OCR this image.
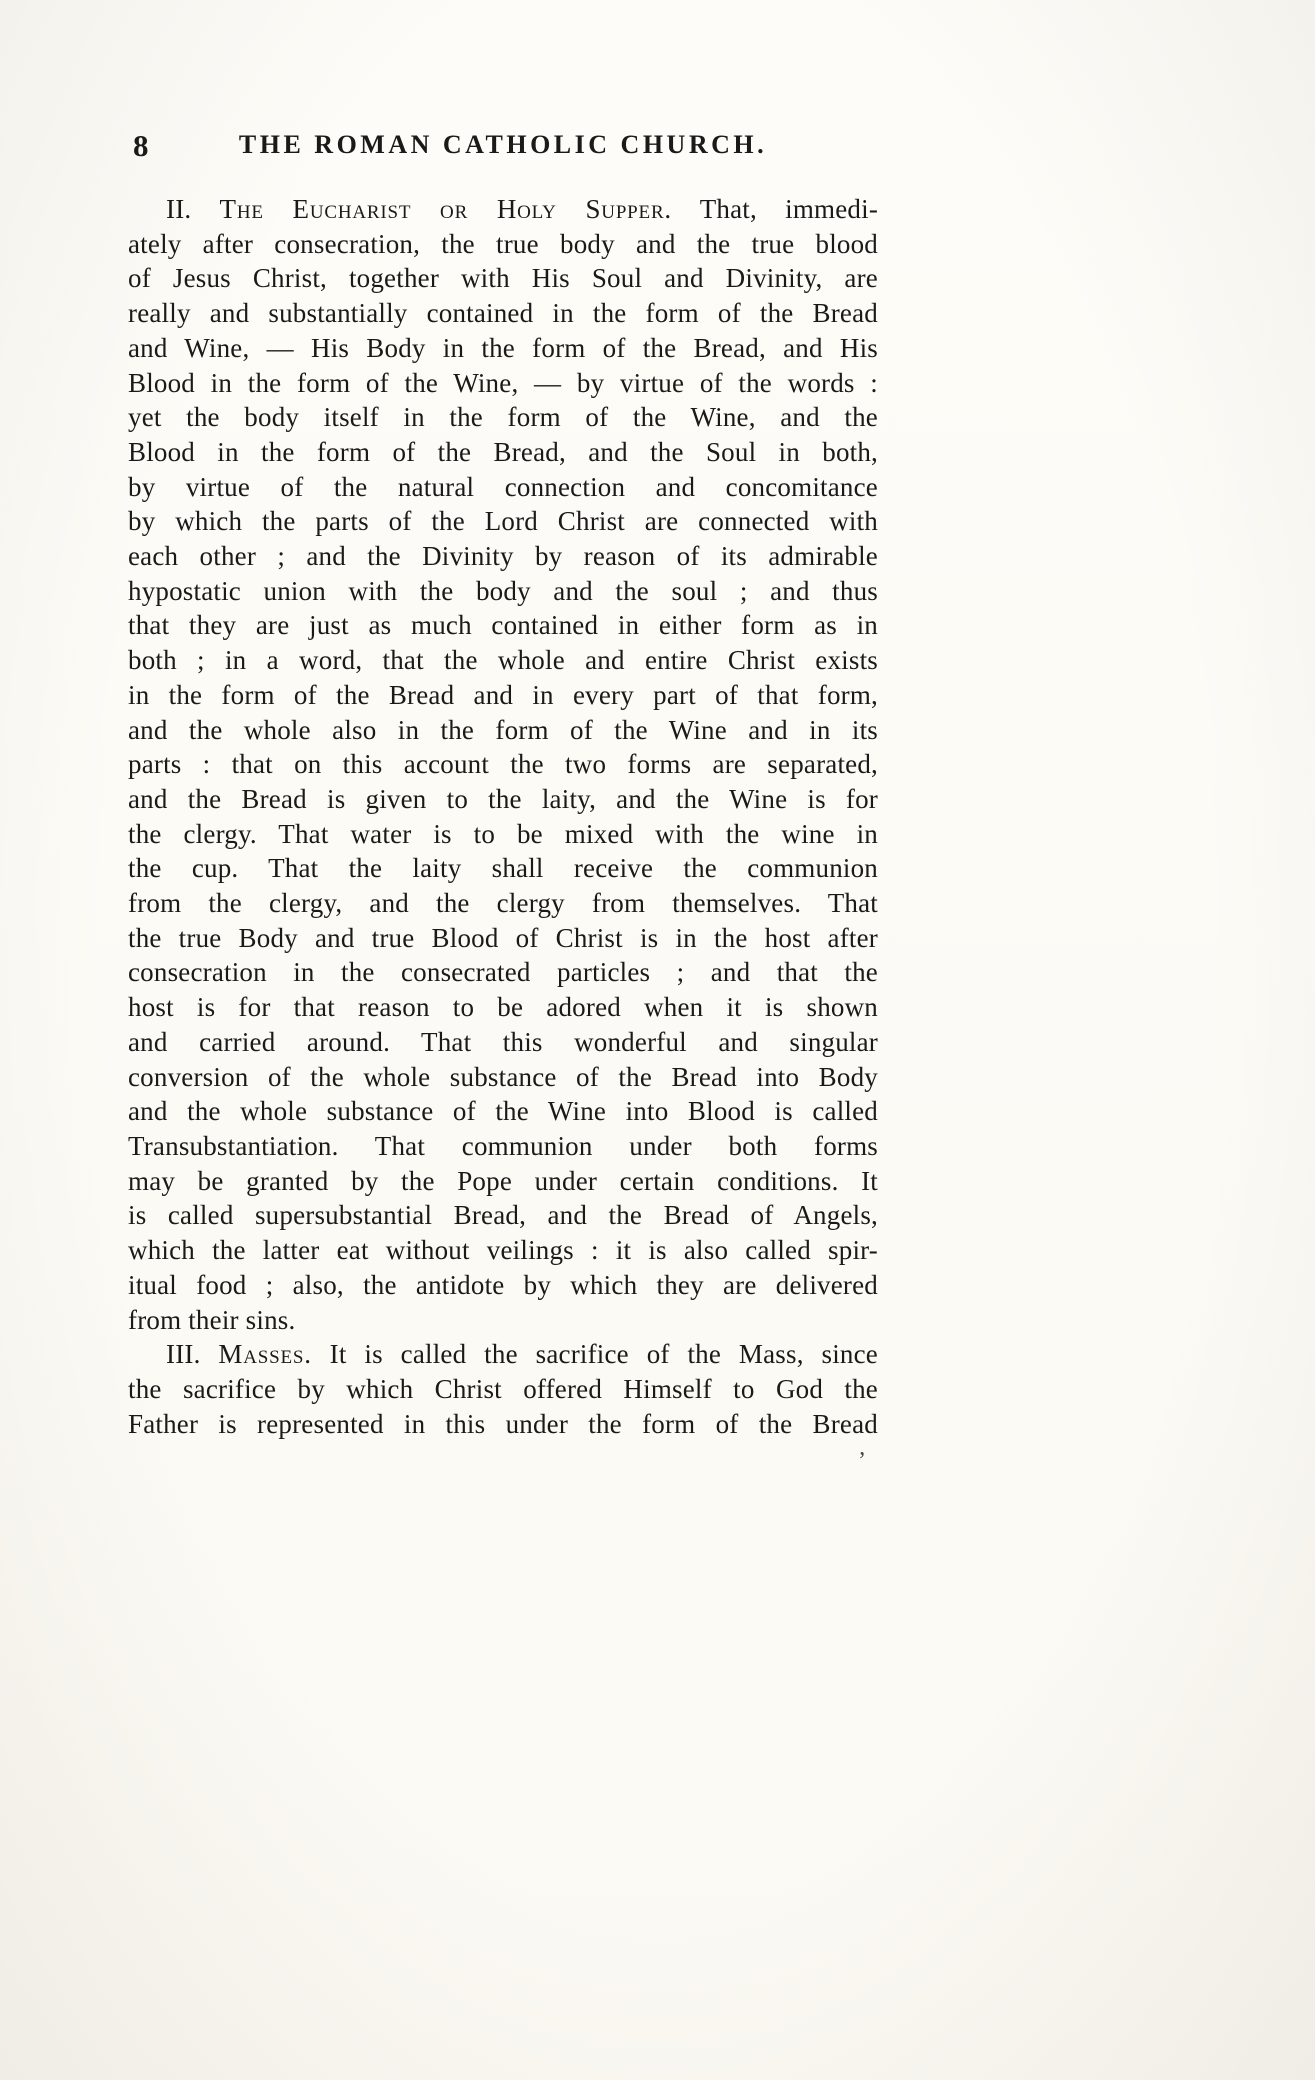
8	THE ROMAN CATHOLIC CHURCH.
II. The Eucharist or Holy Supper. That, immedi-
ately after consecration, the true body and the true blood
of Jesus Christ, together with His Soul and Divinity, are
really and substantially contained in the form of the Bread
and Wine, — His Body in the form of the Bread, and His
Blood in the form of the Wine, — by virtue of the words :
yet the body itself in the form of the Wine, and the
Blood in the form of the Bread, and the Soul in both,
by virtue of the natural connection and concomitance
by which the parts of the Lord Christ are connected with
each other ; and the Divinity by reason of its admirable
hypostatic union with the body and the soul ; and thus
that they are just as much contained in either form as in
both ; in a word, that the whole and entire Christ exists
in the form of the Bread and in every part of that form,
and the whole also in the form of the Wine and in its
parts : that on this account the two forms are separated,
and the Bread is given to the laity, and the Wine is for
the clergy. That water is to be mixed with the wine in
the cup. That the laity shall receive the communion
from the clergy, and the clergy from themselves. That
the true Body and true Blood of Christ is in the host after
consecration in the consecrated particles ; and that the
host is for that reason to be adored when it is shown
and carried around. That this wonderful and singular
conversion of the whole substance of the Bread into Body
and the whole substance of the Wine into Blood is called
Transubstantiation. That communion under both forms
may be granted by the Pope under certain conditions. It
is called supersubstantial Bread, and the Bread of Angels,
which the latter eat without veilings : it is also called spir-
itual food ; also, the antidote by which they are delivered
from their sins.
III. Masses. It is called the sacrifice of the Mass, since
the sacrifice by which Christ offered Himself to God the
Father is represented in this under the form of the Bread
’
